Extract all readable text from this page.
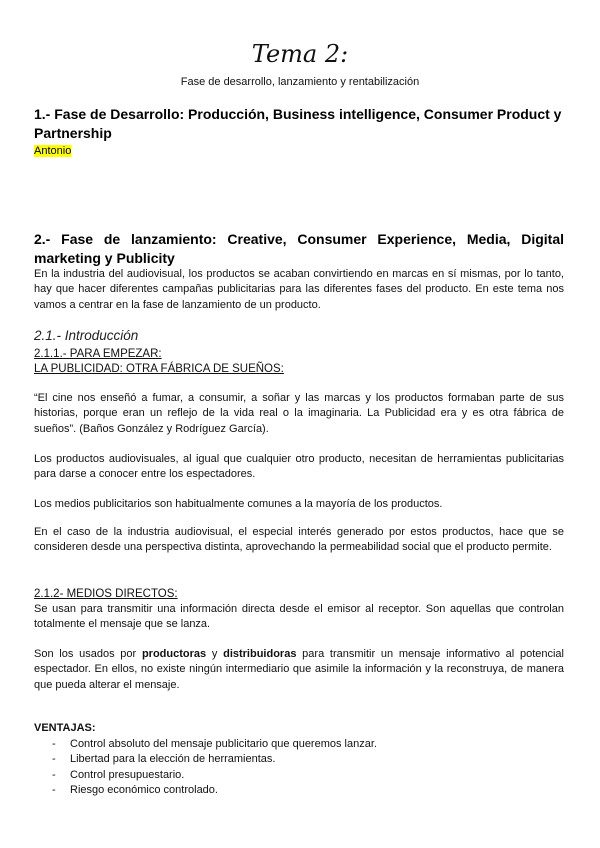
Tema 2:
Fase de desarrollo, lanzamiento y rentabilización
1.- Fase de Desarrollo: Producción, Business intelligence, Consumer Product y Partnership
Antonio
2.- Fase de lanzamiento: Creative, Consumer Experience, Media, Digital marketing y Publicity
En la industria del audiovisual, los productos se acaban convirtiendo en marcas en sí mismas, por lo tanto, hay que hacer diferentes campañas publicitarias para las diferentes fases del producto. En este tema nos vamos a centrar en la fase de lanzamiento de un producto.
2.1.- Introducción
2.1.1.- PARA EMPEZAR:
LA PUBLICIDAD: OTRA FÁBRICA DE SUEÑOS:
“El cine nos enseñó a fumar, a consumir, a soñar y las marcas y los productos formaban parte de sus historias, porque eran un reflejo de la vida real o la imaginaria. La Publicidad era y es otra fábrica de sueños”. (Baños González y Rodríguez García).
Los productos audiovisuales, al igual que cualquier otro producto, necesitan de herramientas publicitarias para darse a conocer entre los espectadores.
Los medios publicitarios son habitualmente comunes a la mayoría de los productos.
En el caso de la industria audiovisual, el especial interés generado por estos productos, hace que se consideren desde una perspectiva distinta, aprovechando la permeabilidad social que el producto permite.
2.1.2- MEDIOS DIRECTOS:
Se usan para transmitir una información directa desde el emisor al receptor. Son aquellas que controlan totalmente el mensaje que se lanza.
Son los usados por productoras y distribuidoras para transmitir un mensaje informativo al potencial espectador. En ellos, no existe ningún intermediario que asimile la información y la reconstruya, de manera que pueda alterar el mensaje.
VENTAJAS:
- Control absoluto del mensaje publicitario que queremos lanzar.
- Libertad para la elección de herramientas.
- Control presupuestario.
- Riesgo económico controlado.
